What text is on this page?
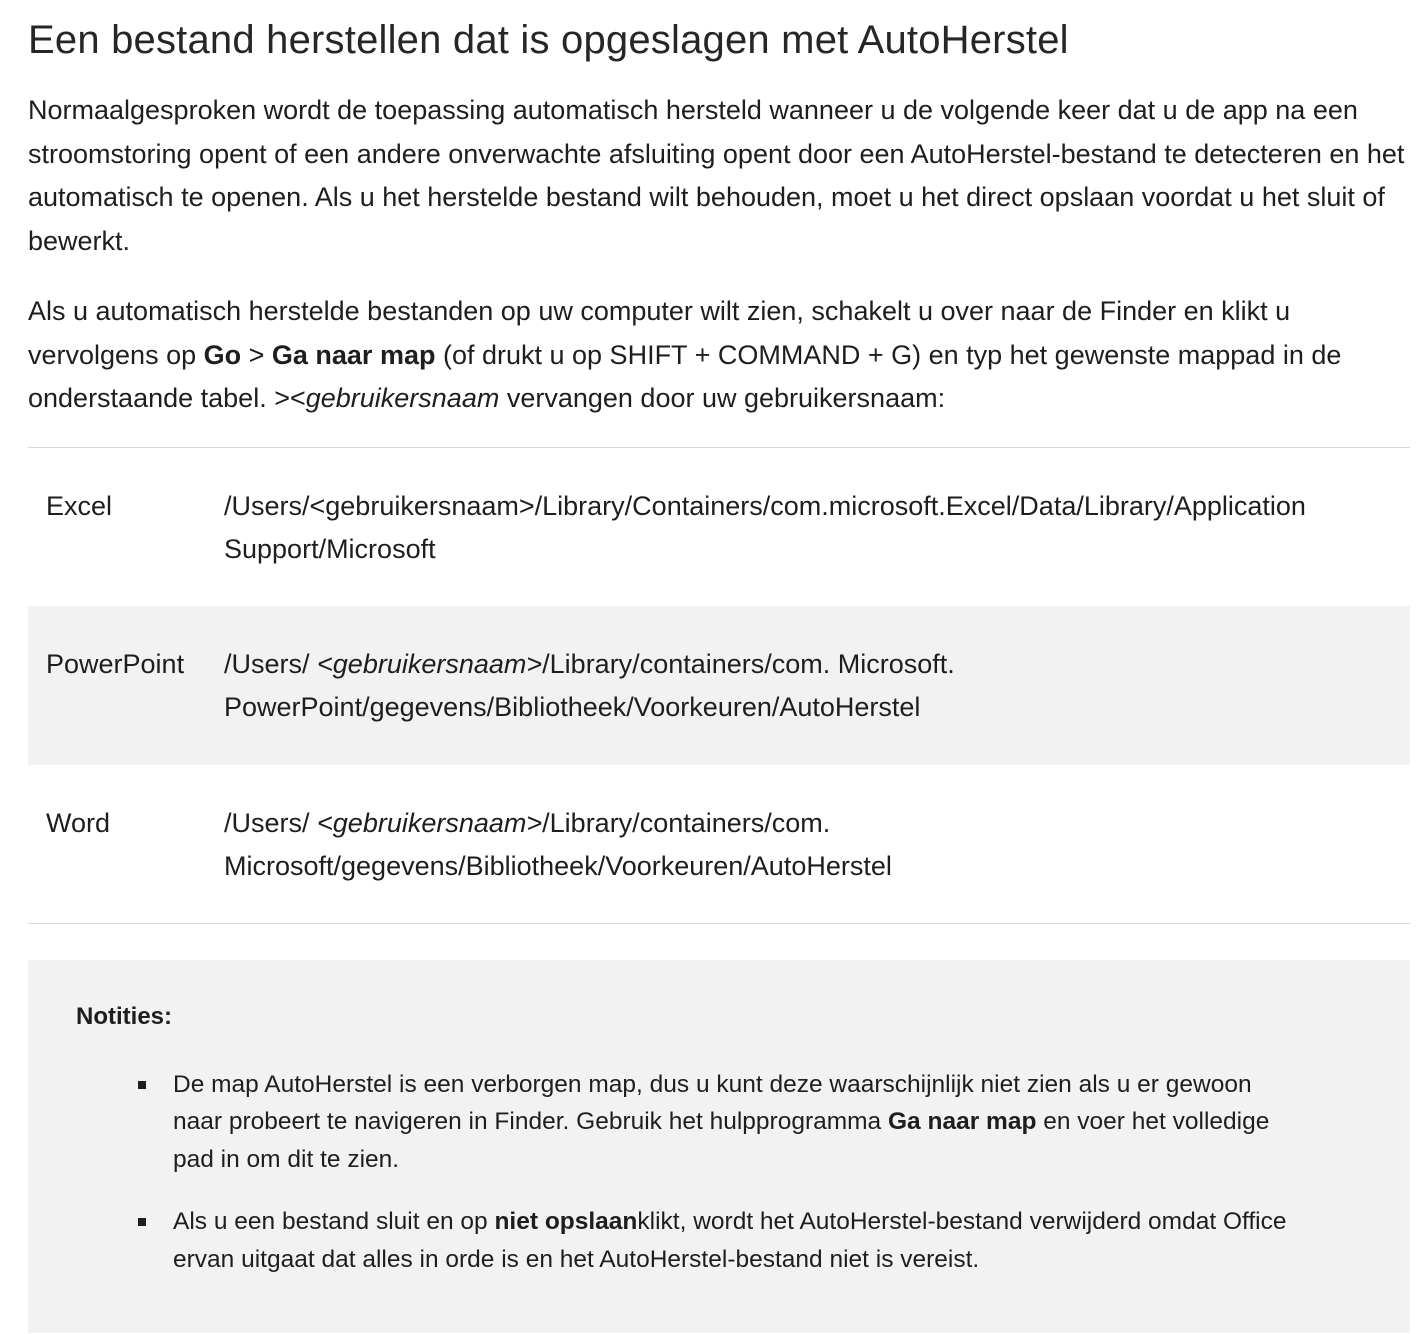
Een bestand herstellen dat is opgeslagen met AutoHerstel

Normaalgesproken wordt de toepassing automatisch hersteld wanneer u de volgende keer dat u de app na een stroomstoring opent of een andere onverwachte afsluiting opent door een AutoHerstel-bestand te detecteren en het automatisch te openen. Als u het herstelde bestand wilt behouden, moet u het direct opslaan voordat u het sluit of bewerkt.

Als u automatisch herstelde bestanden op uw computer wilt zien, schakelt u over naar de Finder en klikt u vervolgens op Go > Ga naar map (of drukt u op SHIFT + COMMAND + G) en typ het gewenste mappad in de onderstaande tabel. ><gebruikersnaam vervangen door uw gebruikersnaam:

Excel	/Users/<gebruikersnaam>/Library/Containers/com.microsoft.Excel/Data/Library/Application Support/Microsoft
PowerPoint	/Users/ <gebruikersnaam>/Library/containers/com. Microsoft. PowerPoint/gegevens/Bibliotheek/Voorkeuren/AutoHerstel
Word	/Users/ <gebruikersnaam>/Library/containers/com. Microsoft/gegevens/Bibliotheek/Voorkeuren/AutoHerstel
Notities:
De map AutoHerstel is een verborgen map, dus u kunt deze waarschijnlijk niet zien als u er gewoon naar probeert te navigeren in Finder. Gebruik het hulpprogramma Ga naar map en voer het volledige pad in om dit te zien.
Als u een bestand sluit en op niet opslaanklikt, wordt het AutoHerstel-bestand verwijderd omdat Office ervan uitgaat dat alles in orde is en het AutoHerstel-bestand niet is vereist.
